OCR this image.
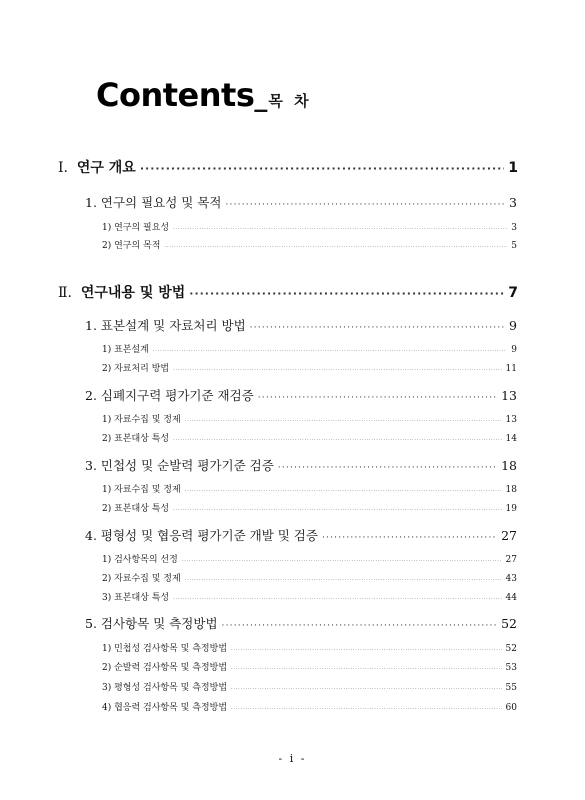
Contents_목 차
Ⅰ. 연구 개요 ·····	1
1. 연구의 필요성 및 목적 ·····	3
1) 연구의 필요성 ·····	3
2) 연구의 목적 ·····	5
Ⅱ. 연구내용 및 방법 ·····	7
1. 표본설계 및 자료처리 방법 ·····	9
1) 표본설계 ·····	9
2) 자료처리 방법 ·····	11
2. 심폐지구력 평가기준 재검증 ·····	13
1) 자료수집 및 정제 ·····	13
2) 표본대상 특성 ·····	14
3. 민첩성 및 순발력 평가기준 검증 ·····	18
1) 자료수집 및 정제 ·····	18
2) 표본대상 특성 ·····	19
4. 평형성 및 협응력 평가기준 개발 및 검증 ·····	27
1) 검사항목의 선정 ·····	27
2) 자료수집 및 정제 ·····	43
3) 표본대상 특성 ·····	44
5. 검사항목 및 측정방법 ·····	52
1) 민첩성 검사항목 및 측정방법 ·····	52
2) 순발력 검사항목 및 측정방법 ·····	53
3) 평형성 검사항목 및 측정방법 ·····	55
4) 협응력 검사항목 및 측정방법 ·····	60
- i -
